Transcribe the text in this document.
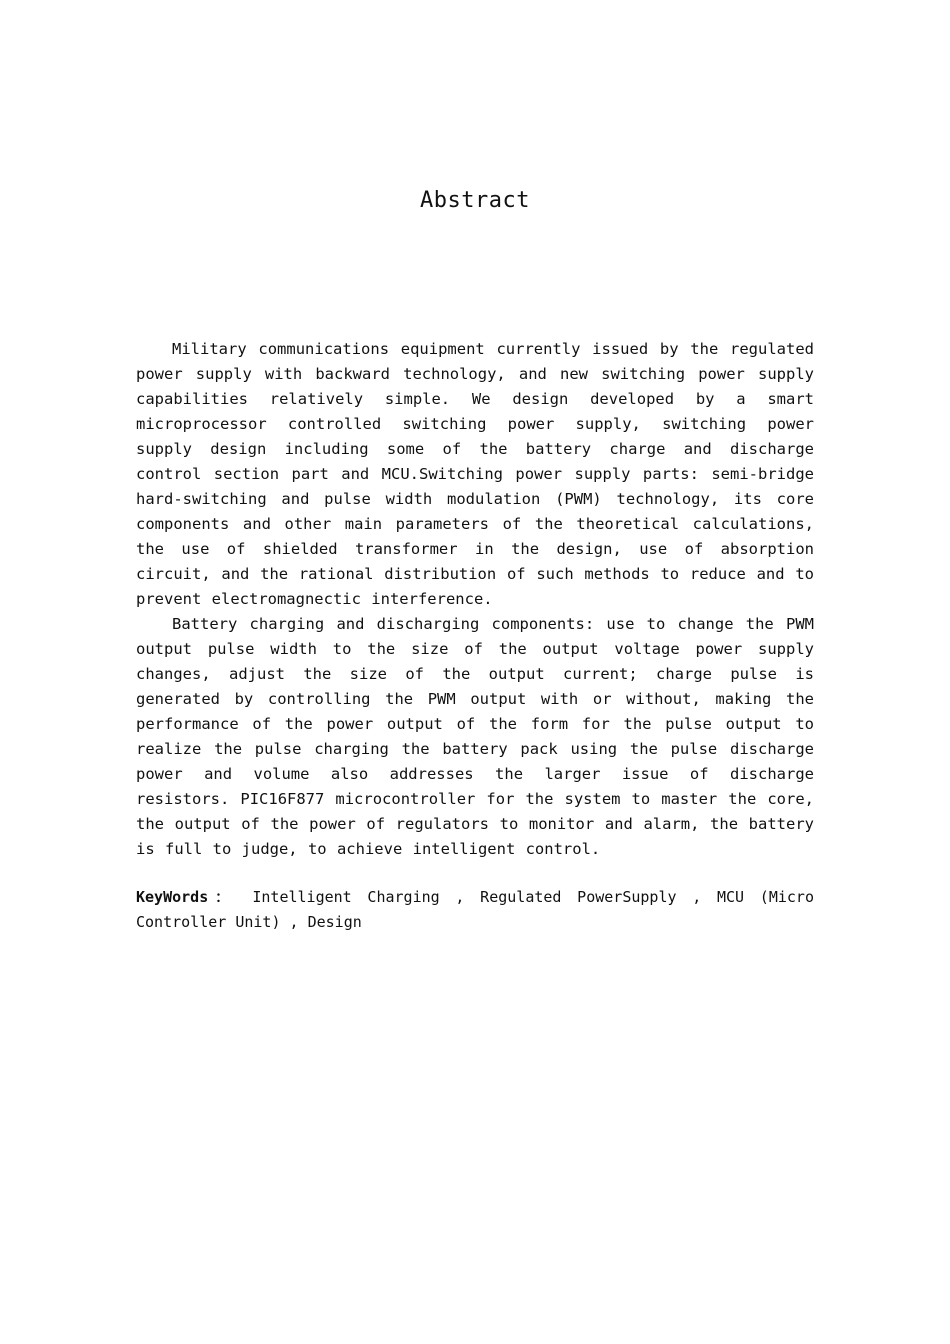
Abstract

Military communications equipment currently issued by the regulated power supply with backward technology, and new switching power supply capabilities relatively simple. We design developed by a smart microprocessor controlled switching power supply, switching power supply design including some of the battery charge and discharge control section part and MCU.Switching power supply parts: semi-bridge hard-switching and pulse width modulation (PWM) technology, its core components and other main parameters of the theoretical calculations, the use of shielded transformer in the design, use of absorption circuit, and the rational distribution of such methods to reduce and to prevent electromagnectic interference.

Battery charging and discharging components: use to change the PWM output pulse width to the size of the output voltage power supply changes, adjust the size of the output current; charge pulse is generated by controlling the PWM output with or without, making the performance of the power output of the form for the pulse output to realize the pulse charging the battery pack using the pulse discharge power and volume also addresses the larger issue of discharge resistors. PIC16F877 microcontroller for the system to master the core, the output of the power of regulators to monitor and alarm, the battery is full to judge, to achieve intelligent control.

KeyWords： Intelligent Charging , Regulated PowerSupply , MCU (Micro Controller Unit) , Design
